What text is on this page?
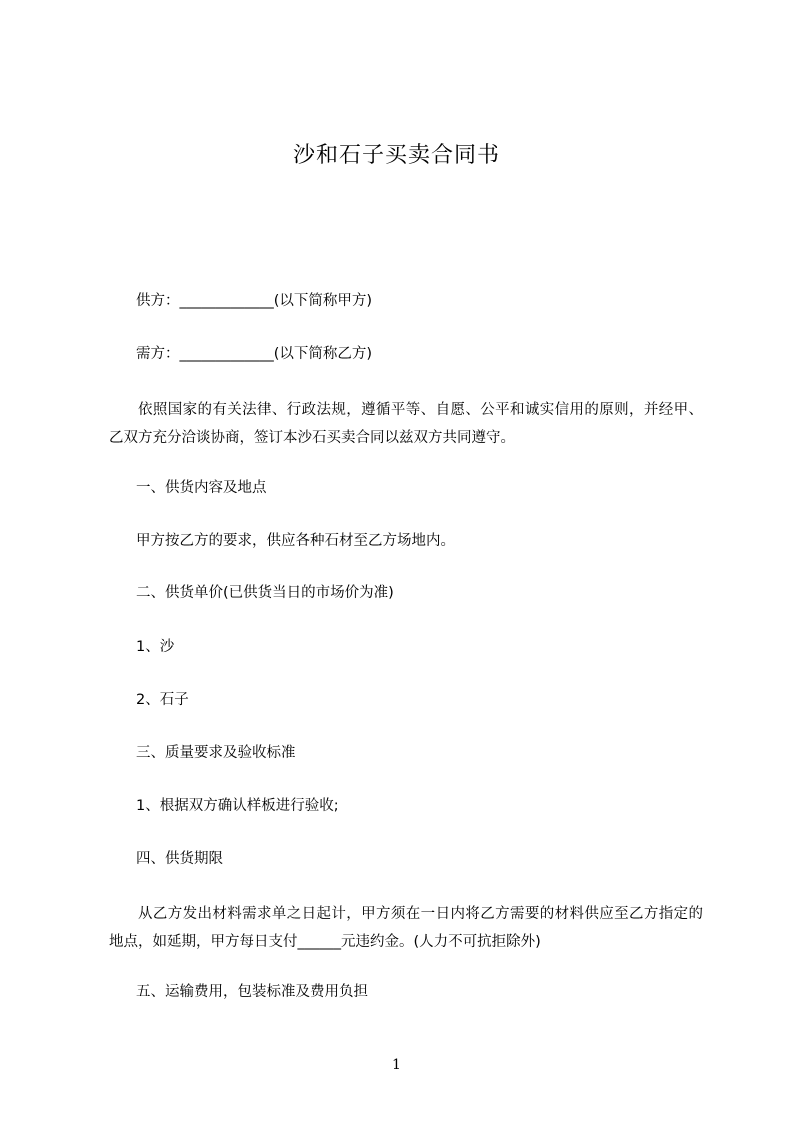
沙和石子买卖合同书
供方：_____________(以下简称甲方)
需方：_____________(以下简称乙方)
依照国家的有关法律、行政法规，遵循平等、自愿、公平和诚实信用的原则，并经甲、乙双方充分洽谈协商，签订本沙石买卖合同以兹双方共同遵守。
一、供货内容及地点
甲方按乙方的要求，供应各种石材至乙方场地内。
二、供货单价(已供货当日的市场价为准)
1、沙
2、石子
三、质量要求及验收标准
1、根据双方确认样板进行验收;
四、供货期限
从乙方发出材料需求单之日起计，甲方须在一日内将乙方需要的材料供应至乙方指定的地点，如延期，甲方每日支付______元违约金。(人力不可抗拒除外)
五、运输费用，包装标准及费用负担
1
